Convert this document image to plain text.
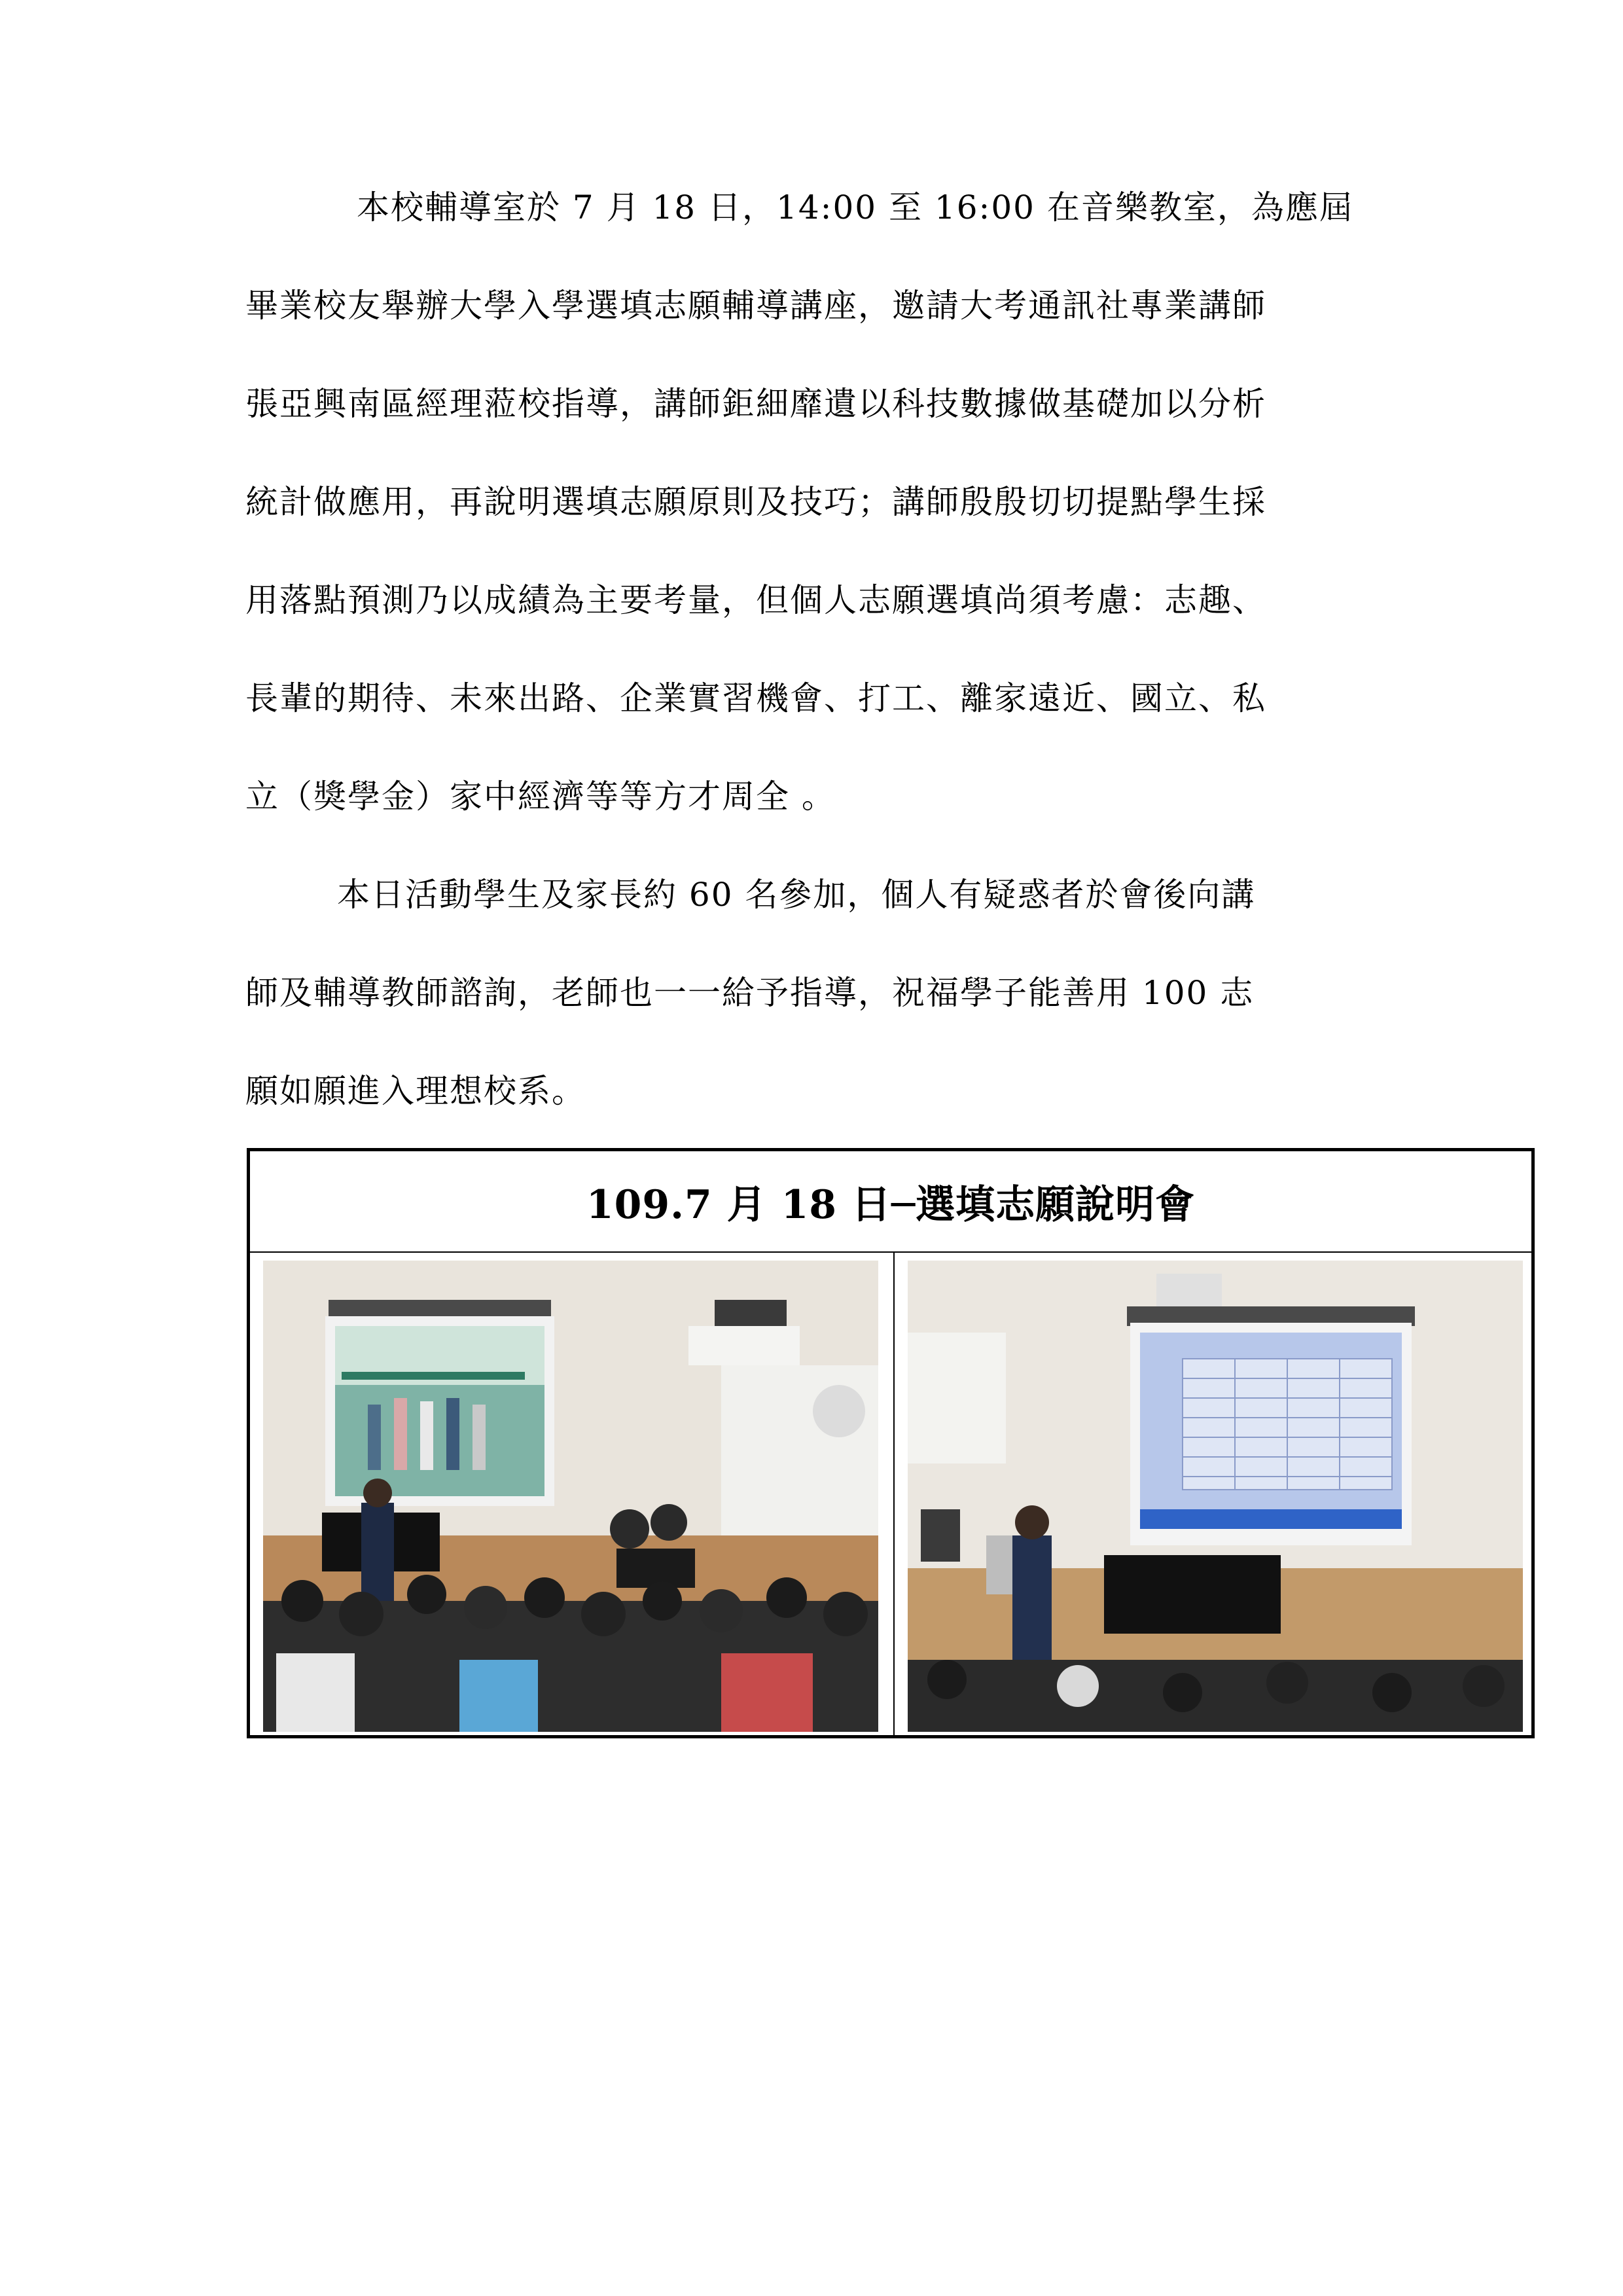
本校輔導室於 7 月 18 日，14:00 至 16:00 在音樂教室，為應屆
畢業校友舉辦大學入學選填志願輔導講座，邀請大考通訊社專業講師
張亞興南區經理蒞校指導，講師鉅細靡遺以科技數據做基礎加以分析
統計做應用，再說明選填志願原則及技巧；講師殷殷切切提點學生採
用落點預測乃以成績為主要考量，但個人志願選填尚須考慮：志趣、
長輩的期待、未來出路、企業實習機會、打工、離家遠近、國立、私
立（獎學金）家中經濟等等方才周全 。
本日活動學生及家長約 60 名參加，個人有疑惑者於會後向講
師及輔導教師諮詢，老師也一一給予指導，祝福學子能善用 100 志
願如願進入理想校系。
109.7 月 18 日─選填志願說明會
